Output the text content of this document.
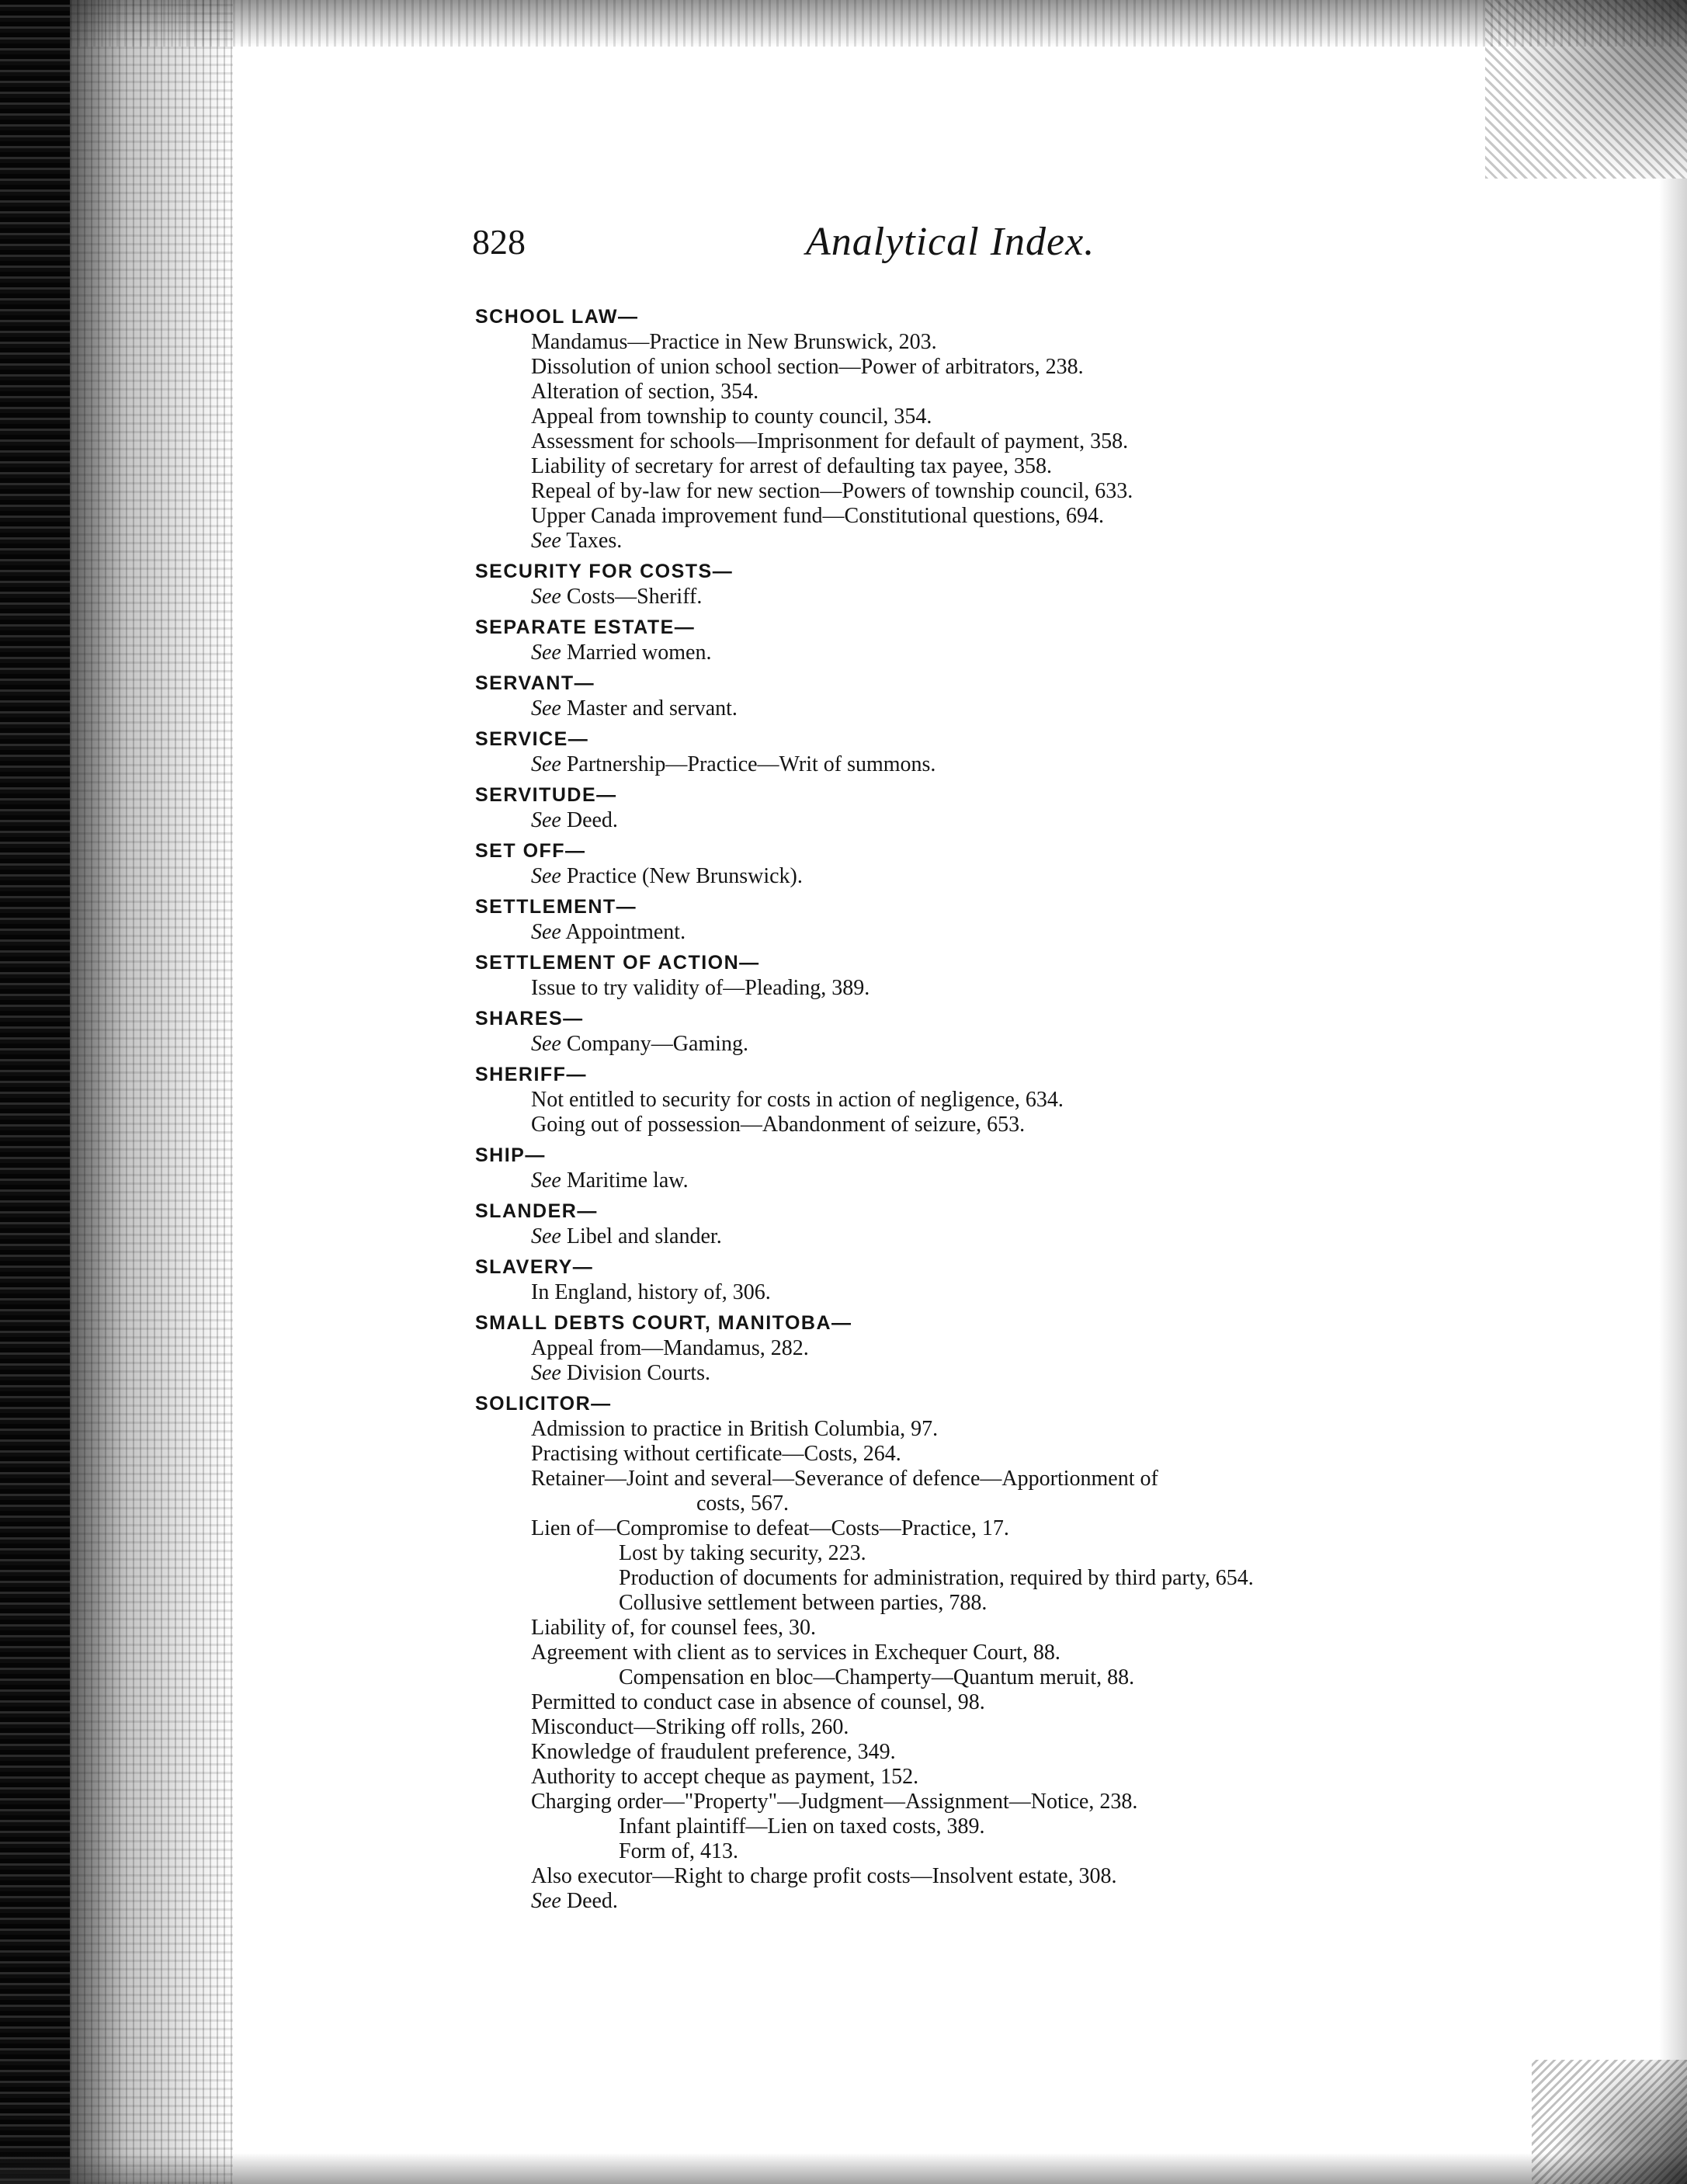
828	Analytical Index.
SCHOOL LAW—
Mandamus—Practice in New Brunswick, 203.
Dissolution of union school section—Power of arbitrators, 238.
Alteration of section, 354.
Appeal from township to county council, 354.
Assessment for schools—Imprisonment for default of payment, 358.
Liability of secretary for arrest of defaulting tax payee, 358.
Repeal of by-law for new section—Powers of township council, 633.
Upper Canada improvement fund—Constitutional questions, 694.
See Taxes.
SECURITY FOR COSTS—
See Costs—Sheriff.
SEPARATE ESTATE—
See Married women.
SERVANT—
See Master and servant.
SERVICE—
See Partnership—Practice—Writ of summons.
SERVITUDE—
See Deed.
SET OFF—
See Practice (New Brunswick).
SETTLEMENT—
See Appointment.
SETTLEMENT OF ACTION—
Issue to try validity of—Pleading, 389.
SHARES—
See Company—Gaming.
SHERIFF—
Not entitled to security for costs in action of negligence, 634.
Going out of possession—Abandonment of seizure, 653.
SHIP—
See Maritime law.
SLANDER—
See Libel and slander.
SLAVERY—
In England, history of, 306.
SMALL DEBTS COURT, MANITOBA—
Appeal from—Mandamus, 282.
See Division Courts.
SOLICITOR—
Admission to practice in British Columbia, 97.
Practising without certificate—Costs, 264.
Retainer—Joint and several—Severance of defence—Apportionment of
costs, 567.
Lien of—Compromise to defeat—Costs—Practice, 17.
Lost by taking security, 223.
Production of documents for administration, required by third party, 654.
Collusive settlement between parties, 788.
Liability of, for counsel fees, 30.
Agreement with client as to services in Exchequer Court, 88.
Compensation en bloc—Champerty—Quantum meruit, 88.
Permitted to conduct case in absence of counsel, 98.
Misconduct—Striking off rolls, 260.
Knowledge of fraudulent preference, 349.
Authority to accept cheque as payment, 152.
Charging order—"Property"—Judgment—Assignment—Notice, 238.
Infant plaintiff—Lien on taxed costs, 389.
Form of, 413.
Also executor—Right to charge profit costs—Insolvent estate, 308.
See Deed.
